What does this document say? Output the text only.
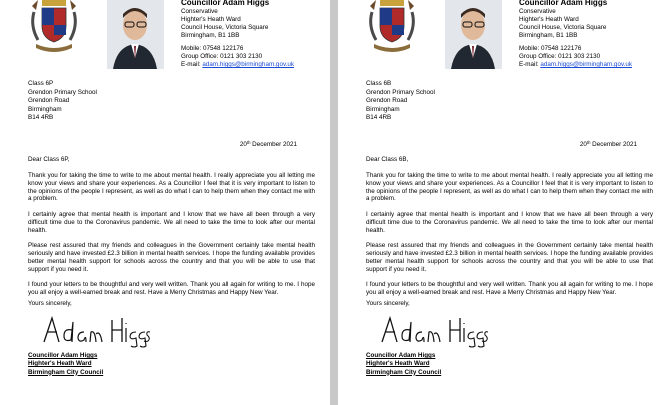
Councillor Adam Higgs
Conservative
Highter's Heath Ward
Council House, Victoria Square
Birmingham, B1 1BB
Mobile: 07548 122176
Group Office: 0121 303 2130
E-mail: adam.higgs@birmingham.gov.uk
Class 6P
Grendon Primary School
Grendon Road
Birmingham
B14 4RB
20th December 2021
Dear Class 6P,

Thank you for taking the time to write to me about mental health. I really appreciate you all letting me know your views and share your experiences. As a Councillor I feel that it is very important to listen to the opinions of the people I represent, as well as do what I can to help them when they contact me with a problem.

I certainly agree that mental health is important and I know that we have all been through a very difficult time due to the Coronavirus pandemic. We all need to take the time to look after our mental health.

Please rest assured that my friends and colleagues in the Government certainly take mental health seriously and have invested £2.3 billion in mental health services. I hope the funding available provides better mental health support for schools across the country and that you will be able to use that support if you need it.

I found your letters to be thoughtful and very well written. Thank you all again for writing to me. I hope you all enjoy a well-earned break and rest. Have a Merry Christmas and Happy New Year.

Yours sincerely,
Councillor Adam Higgs
Highter's Heath Ward
Birmingham City Council
Councillor Adam Higgs
Conservative
Highter's Heath Ward
Council House, Victoria Square
Birmingham, B1 1BB
Mobile: 07548 122176
Group Office: 0121 303 2130
E-mail: adam.higgs@birmingham.gov.uk
Class 6B
Grendon Primary School
Grendon Road
Birmingham
B14 4RB
20th December 2021
Dear Class 6B,

Thank you for taking the time to write to me about mental health. I really appreciate you all letting me know your views and share your experiences. As a Councillor I feel that it is very important to listen to the opinions of the people I represent, as well as do what I can to help them when they contact me with a problem.

I certainly agree that mental health is important and I know that we have all been through a very difficult time due to the Coronavirus pandemic. We all need to take the time to look after our mental health.

Please rest assured that my friends and colleagues in the Government certainly take mental health seriously and have invested £2.3 billion in mental health services. I hope the funding available provides better mental health support for schools across the country and that you will be able to use that support if you need it.

I found your letters to be thoughtful and very well written. Thank you all again for writing to me. I hope you all enjoy a well-earned break and rest. Have a Merry Christmas and Happy New Year.

Yours sincerely,
Councillor Adam Higgs
Highter's Heath Ward
Birmingham City Council
